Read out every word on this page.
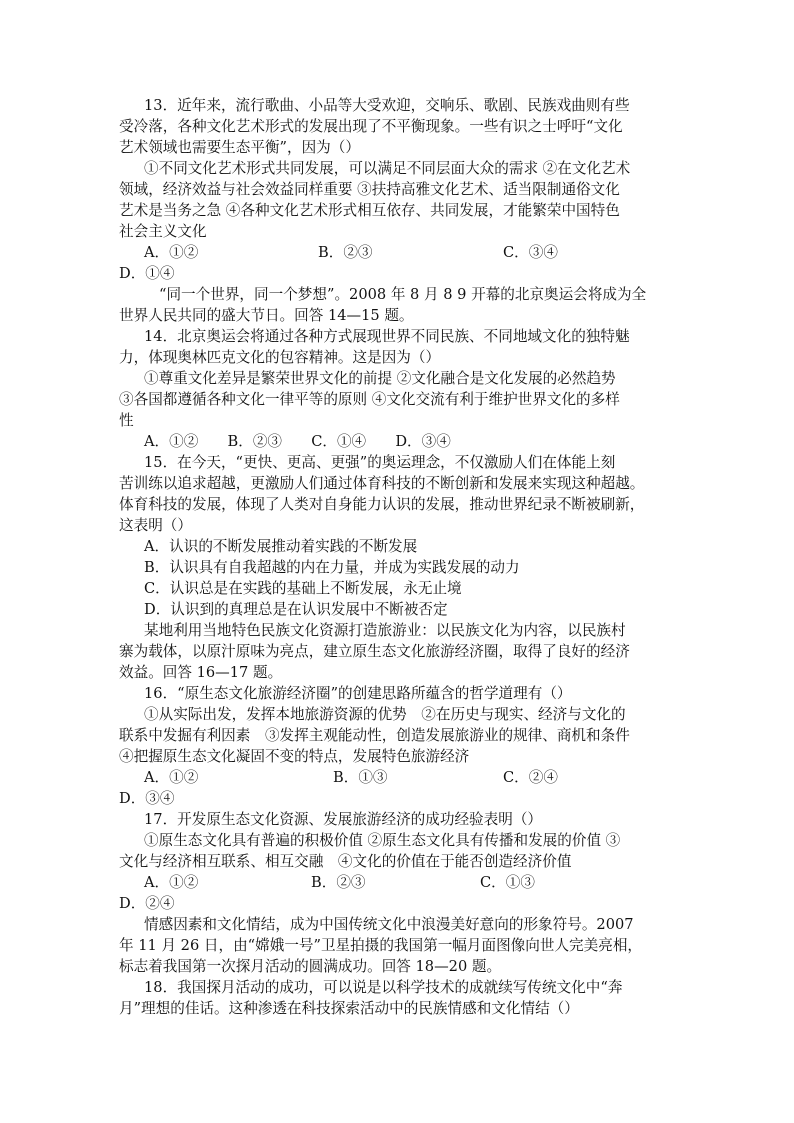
13．近年来，流行歌曲、小品等大受欢迎，交响乐、歌剧、民族戏曲则有些

受冷落，各种文化艺术形式的发展出现了不平衡现象。一些有识之士呼吁“文化

艺术领域也需要生态平衡”，因为（）

①不同文化艺术形式共同发展，可以满足不同层面大众的需求 ②在文化艺术

领域，经济效益与社会效益同样重要 ③扶持高雅文化艺术、适当限制通俗文化

艺术是当务之急 ④各种文化艺术形式相互依存、共同发展，才能繁荣中国特色

社会主义文化

A．①②	B．②③	C．③④

D．①④

“同一个世界，同一个梦想”。2008 年 8 月 8 9 开幕的北京奥运会将成为全

世界人民共同的盛大节日。回答 14—15 题。

14．北京奥运会将通过各种方式展现世界不同民族、不同地域文化的独特魅

力，体现奥林匹克文化的包容精神。这是因为（）

①尊重文化差异是繁荣世界文化的前提 ②文化融合是文化发展的必然趋势

③各国都遵循各种文化一律平等的原则 ④文化交流有利于维护世界文化的多样

性

A．①②　　B．②③　　C．①④　　D．③④

15．在今天，“更快、更高、更强”的奥运理念，不仅激励人们在体能上刻

苦训练以追求超越，更激励人们通过体育科技的不断创新和发展来实现这种超越。

体育科技的发展，体现了人类对自身能力认识的发展，推动世界纪录不断被刷新，

这表明（）

A．认识的不断发展推动着实践的不断发展

B．认识具有自我超越的内在力量，并成为实践发展的动力

C．认识总是在实践的基础上不断发展，永无止境

D．认识到的真理总是在认识发展中不断被否定

某地利用当地特色民族文化资源打造旅游业：以民族文化为内容，以民族村

寨为载体，以原汁原味为亮点，建立原生态文化旅游经济圈，取得了良好的经济

效益。回答 16—17 题。

16．“原生态文化旅游经济圈”的创建思路所蕴含的哲学道理有（）

①从实际出发，发挥本地旅游资源的优势　②在历史与现实、经济与文化的

联系中发掘有利因素　③发挥主观能动性，创造发展旅游业的规律、商机和条件

④把握原生态文化凝固不变的特点，发展特色旅游经济

A．①②	B．①③	C．②④

D．③④

17．开发原生态文化资源、发展旅游经济的成功经验表明（）

①原生态文化具有普遍的积极价值 ②原生态文化具有传播和发展的价值 ③

文化与经济相互联系、相互交融　④文化的价值在于能否创造经济价值

A．①②	B．②③	C．①③

D．②④

情感因素和文化情结，成为中国传统文化中浪漫美好意向的形象符号。2007

年 11 月 26 日，由“嫦娥一号”卫星拍摄的我国第一幅月面图像向世人完美亮相，

标志着我国第一次探月活动的圆满成功。回答 18—20 题。

18．我国探月活动的成功，可以说是以科学技术的成就续写传统文化中“奔

月”理想的佳话。这种渗透在科技探索活动中的民族情感和文化情结（）
